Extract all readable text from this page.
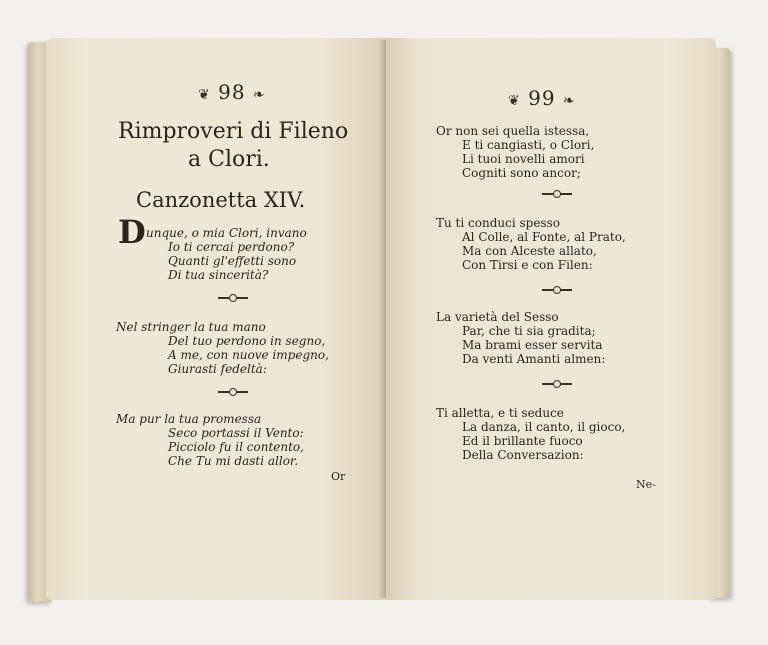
❦ 98 ❧
Rimproveri di Fileno
a Clori.
Canzonetta XIV.
D unque, o mia Clori, invano
Io ti cercai perdono?
Quanti gl'effetti sono
Di tua sincerità?
Nel stringer la tua mano
Del tuo perdono in segno,
A me, con nuove impegno,
Giurasti fedeltà:
Ma pur la tua promessa
Seco portassi il Vento:
Picciolo fu il contento,
Che Tu mi dasti allor.
Or
❦ 99 ❧
Or non sei quella istessa,
E ti cangiasti, o Clori,
Li tuoi novelli amori
Cogniti sono ancor;
Tu ti conduci spesso
Al Colle, al Fonte, al Prato,
Ma con Alceste allato,
Con Tirsi e con Filen:
La varietà del Sesso
Par, che ti sia gradita;
Ma brami esser servita
Da venti Amanti almen:
Ti alletta, e ti seduce
La danza, il canto, il gioco,
Ed il brillante fuoco
Della Conversazion:
Ne-
